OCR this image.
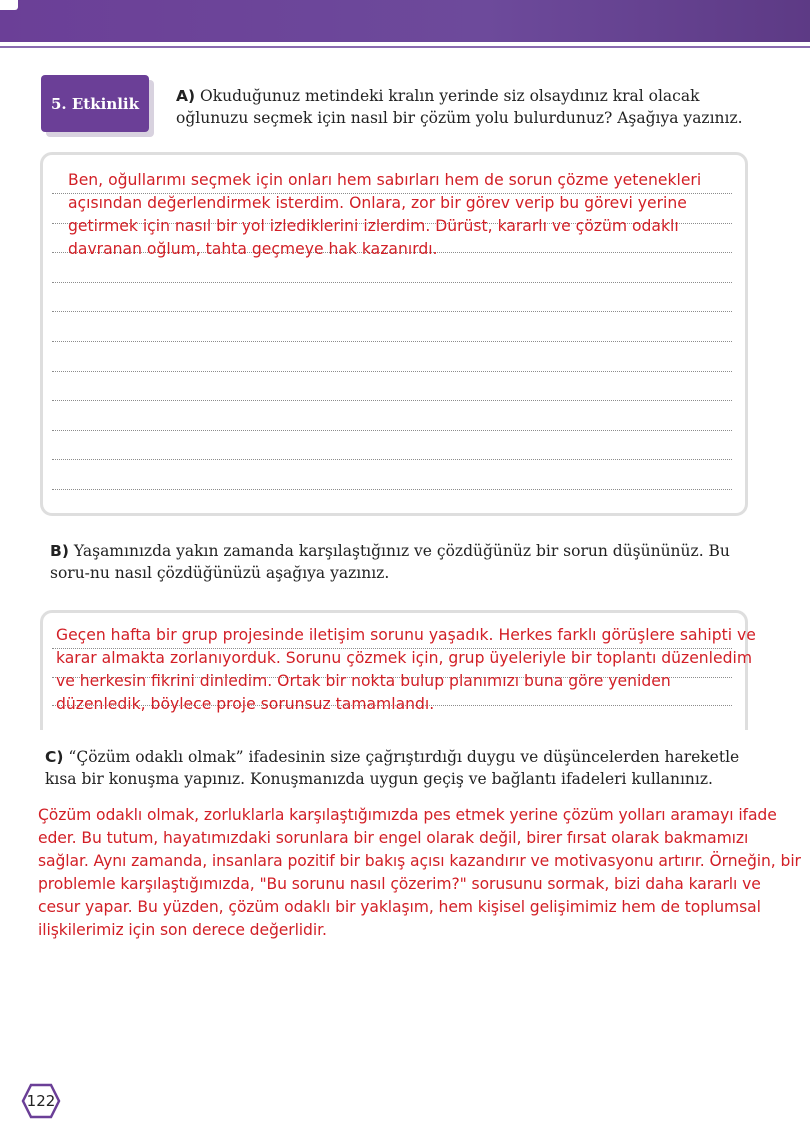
5. Etkinlik A) Okuduğunuz metindeki kralın yerinde siz olsaydınız kral olacak oğlunuzu seçmek için nasıl bir çözüm yolu bulurdunuz? Aşağıya yazınız.
Ben, oğullarımı seçmek için onları hem sabırları hem de sorun çözme yetenekleri açısından değerlendirmek isterdim. Onlara, zor bir görev verip bu görevi yerine getirmek için nasıl bir yol izlediklerini izlerdim. Dürüst, kararlı ve çözüm odaklı davranan oğlum, tahta geçmeye hak kazanırdı.
B) Yaşamınızda yakın zamanda karşılaştığınız ve çözdüğünüz bir sorun düşününüz. Bu soru-nu nasıl çözdüğünüzü aşağıya yazınız.
Geçen hafta bir grup projesinde iletişim sorunu yaşadık. Herkes farklı görüşlere sahipti ve karar almakta zorlanıyorduk. Sorunu çözmek için, grup üyeleriyle bir toplantı düzenledim ve herkesin fikrini dinledim. Ortak bir nokta bulup planımızı buna göre yeniden düzenledik, böylece proje sorunsuz tamamlandı.
C) “Çözüm odaklı olmak” ifadesinin size çağrıştırdığı duygu ve düşüncelerden hareketle kısa bir konuşma yapınız. Konuşmanızda uygun geçiş ve bağlantı ifadeleri kullanınız.
Çözüm odaklı olmak, zorluklarla karşılaştığımızda pes etmek yerine çözüm yolları aramayı ifade eder. Bu tutum, hayatımızdaki sorunlara bir engel olarak değil, birer fırsat olarak bakmamızı sağlar. Aynı zamanda, insanlara pozitif bir bakış açısı kazandırır ve motivasyonu artırır. Örneğin, bir problemle karşılaştığımızda, "Bu sorunu nasıl çözerim?" sorusunu sormak, bizi daha kararlı ve cesur yapar. Bu yüzden, çözüm odaklı bir yaklaşım, hem kişisel gelişimimiz hem de toplumsal ilişkilerimiz için son derece değerlidir.
122
